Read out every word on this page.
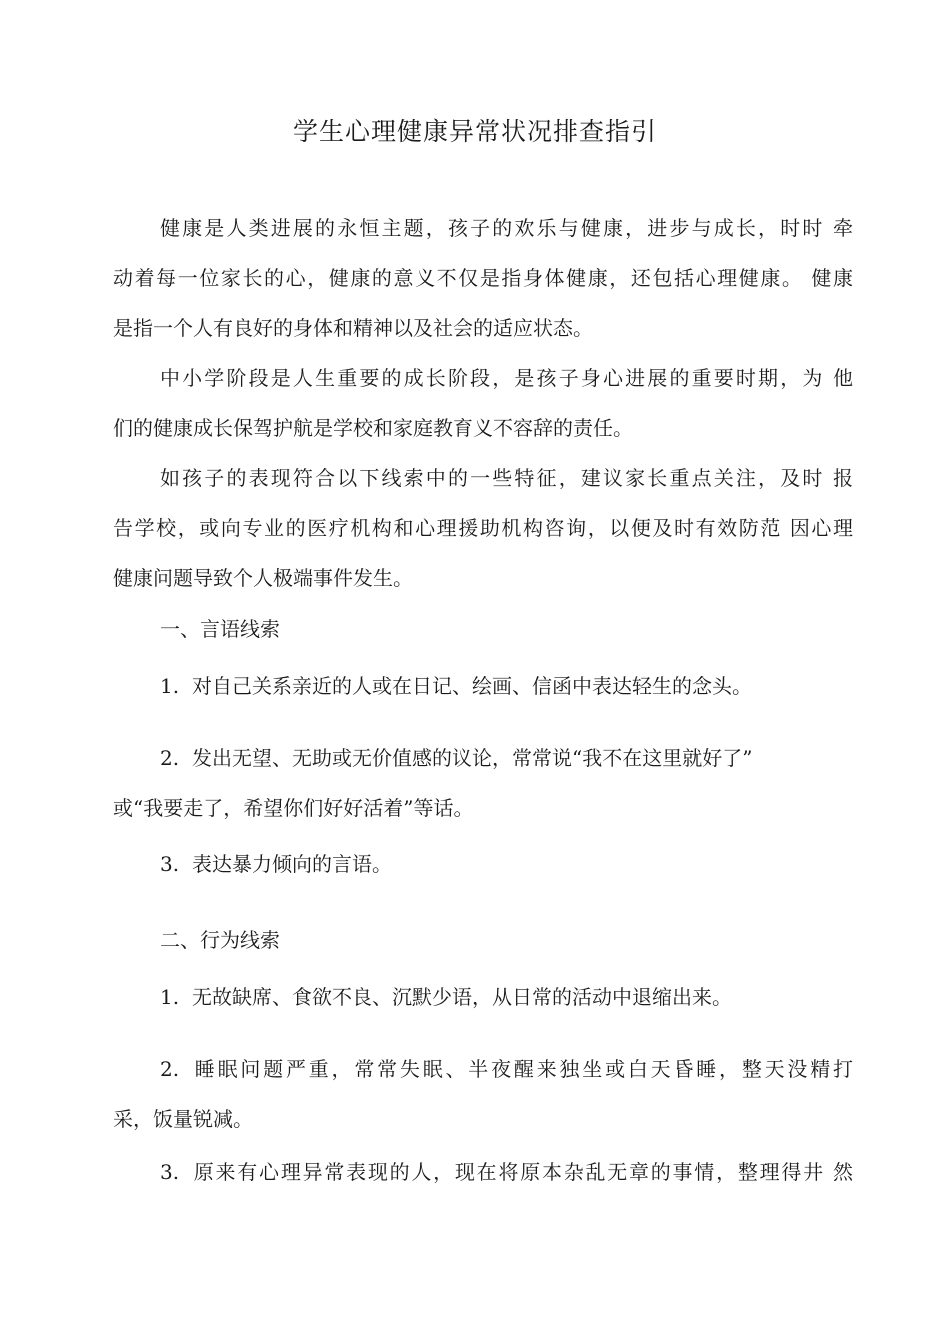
学生心理健康异常状况排查指引

健康是人类进展的永恒主题，孩子的欢乐与健康，进步与成长，时时 牵

动着每一位家长的心，健康的意义不仅是指身体健康，还包括心理健康。 健康

是指一个人有良好的身体和精神以及社会的适应状态。

中小学阶段是人生重要的成长阶段，是孩子身心进展的重要时期，为 他

们的健康成长保驾护航是学校和家庭教育义不容辞的责任。

如孩子的表现符合以下线索中的一些特征，建议家长重点关注，及时 报

告学校，或向专业的医疗机构和心理援助机构咨询，以便及时有效防范 因心理

健康问题导致个人极端事件发生。

一、言语线索

1. 对自己关系亲近的人或在日记、绘画、信函中表达轻生的念头。

2. 发出无望、无助或无价值感的议论，常常说“我不在这里就好了”

或“我要走了，希望你们好好活着”等话。

3. 表达暴力倾向的言语。

二、行为线索

1. 无故缺席、食欲不良、沉默少语，从日常的活动中退缩出来。

2. 睡眠问题严重，常常失眠、半夜醒来独坐或白天昏睡，整天没精打

采，饭量锐减。

3. 原来有心理异常表现的人，现在将原本杂乱无章的事情，整理得井 然
